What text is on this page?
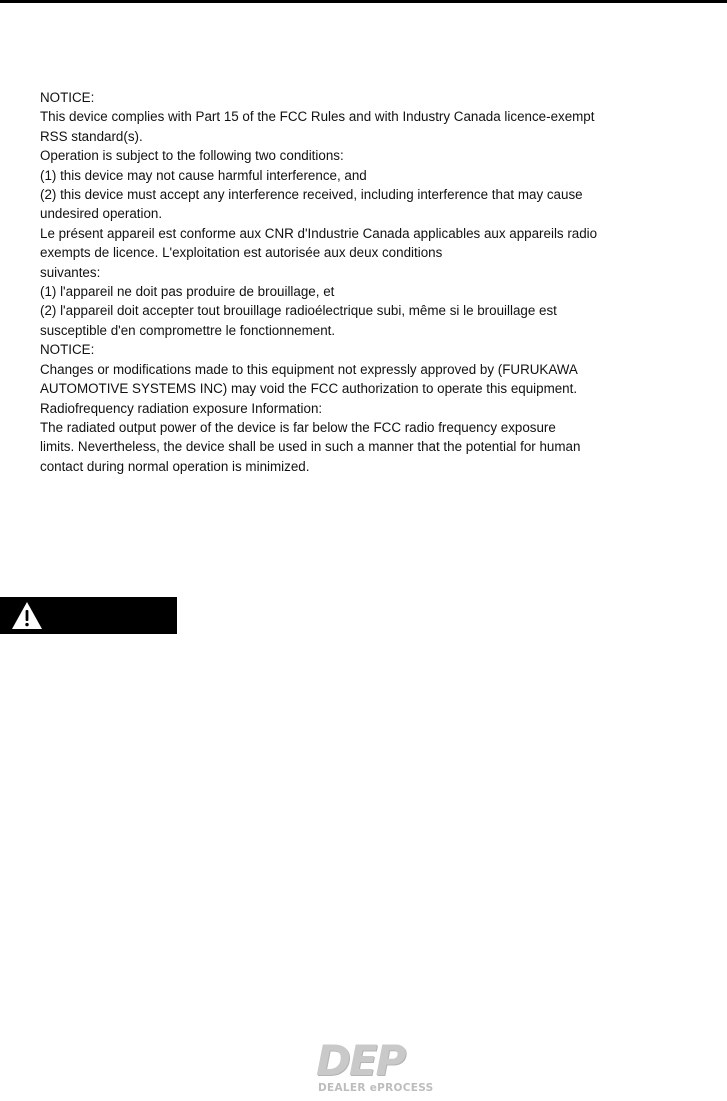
NOTICE:
This device complies with Part 15 of the FCC Rules and with Industry Canada licence-exempt
RSS standard(s).
Operation is subject to the following two conditions:
(1) this device may not cause harmful interference, and
(2) this device must accept any interference received, including interference that may cause
undesired operation.
Le présent appareil est conforme aux CNR d'Industrie Canada applicables aux appareils radio
exempts de licence. L'exploitation est autorisée aux deux conditions
suivantes:
(1) l'appareil ne doit pas produire de brouillage, et
(2) l'appareil doit accepter tout brouillage radioélectrique subi, même si le brouillage est
susceptible d'en compromettre le fonctionnement.
NOTICE:
Changes or modifications made to this equipment not expressly approved by (FURUKAWA
AUTOMOTIVE SYSTEMS INC) may void the FCC authorization to operate this equipment.
Radiofrequency radiation exposure Information:
The radiated output power of the device is far below the FCC radio frequency exposure
limits. Nevertheless, the device shall be used in such a manner that the potential for human
contact during normal operation is minimized.
DEP
DEALER ePROCESS
